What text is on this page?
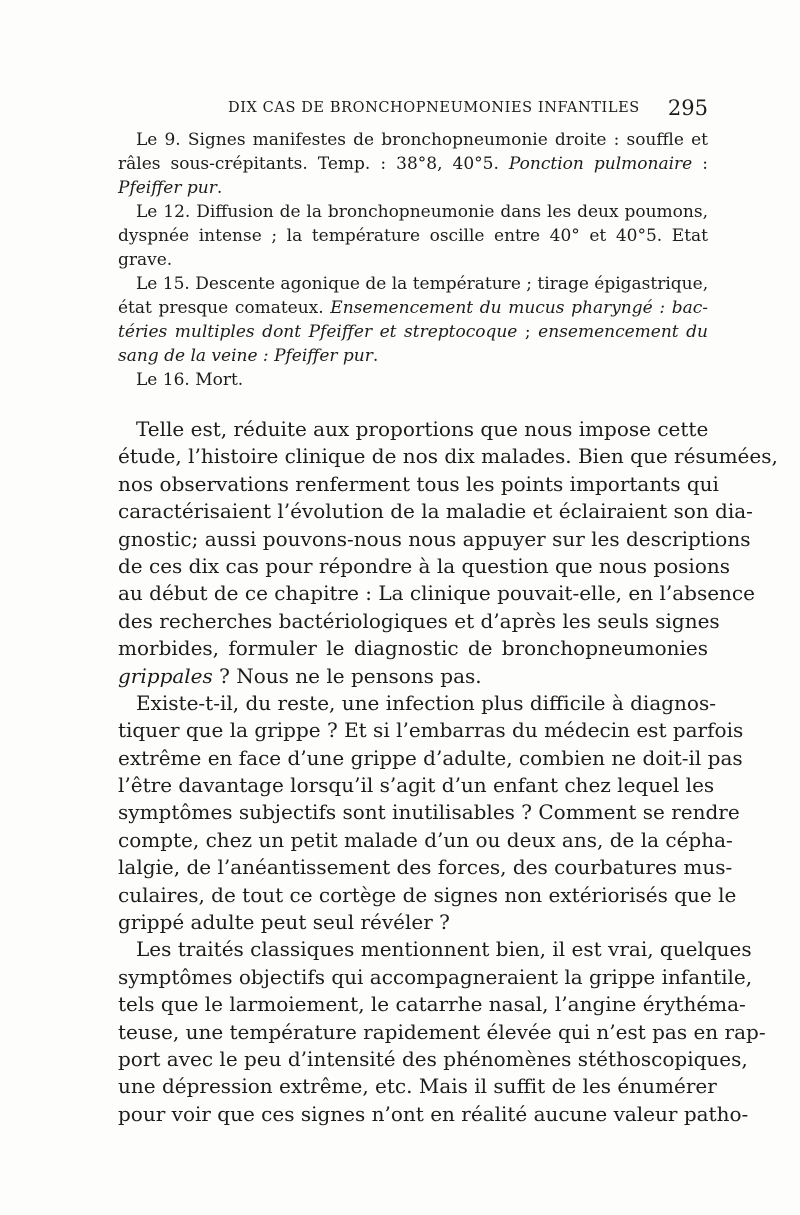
DIX CAS DE BRONCHOPNEUMONIES INFANTILES 295
Le 9. Signes manifestes de bronchopneumonie droite : souffle et
râles sous-crépitants. Temp. : 38°8, 40°5. Ponction pulmonaire :
Pfeiffer pur.
Le 12. Diffusion de la bronchopneumonie dans les deux poumons,
dyspnée intense ; la température oscille entre 40° et 40°5. Etat
grave.
Le 15. Descente agonique de la température ; tirage épigastrique,
état presque comateux. Ensemencement du mucus pharyngé : bac-
téries multiples dont Pfeiffer et streptocoque ; ensemencement du
sang de la veine : Pfeiffer pur.
Le 16. Mort.
Telle est, réduite aux proportions que nous impose cette
étude, l’histoire clinique de nos dix malades. Bien que résumées,
nos observations renferment tous les points importants qui
caractérisaient l’évolution de la maladie et éclairaient son dia-
gnostic; aussi pouvons-nous nous appuyer sur les descriptions
de ces dix cas pour répondre à la question que nous posions
au début de ce chapitre : La clinique pouvait-elle, en l’absence
des recherches bactériologiques et d’après les seuls signes
morbides, formuler le diagnostic de bronchopneumonies
grippales ? Nous ne le pensons pas.
Existe-t-il, du reste, une infection plus difficile à diagnos-
tiquer que la grippe ? Et si l’embarras du médecin est parfois
extrême en face d’une grippe d’adulte, combien ne doit-il pas
l’être davantage lorsqu’il s’agit d’un enfant chez lequel les
symptômes subjectifs sont inutilisables ? Comment se rendre
compte, chez un petit malade d’un ou deux ans, de la cépha-
lalgie, de l’anéantissement des forces, des courbatures mus-
culaires, de tout ce cortège de signes non extériorisés que le
grippé adulte peut seul révéler ?
Les traités classiques mentionnent bien, il est vrai, quelques
symptômes objectifs qui accompagneraient la grippe infantile,
tels que le larmoiement, le catarrhe nasal, l’angine érythéma-
teuse, une température rapidement élevée qui n’est pas en rap-
port avec le peu d’intensité des phénomènes stéthoscopiques,
une dépression extrême, etc. Mais il suffit de les énumérer
pour voir que ces signes n’ont en réalité aucune valeur patho-
